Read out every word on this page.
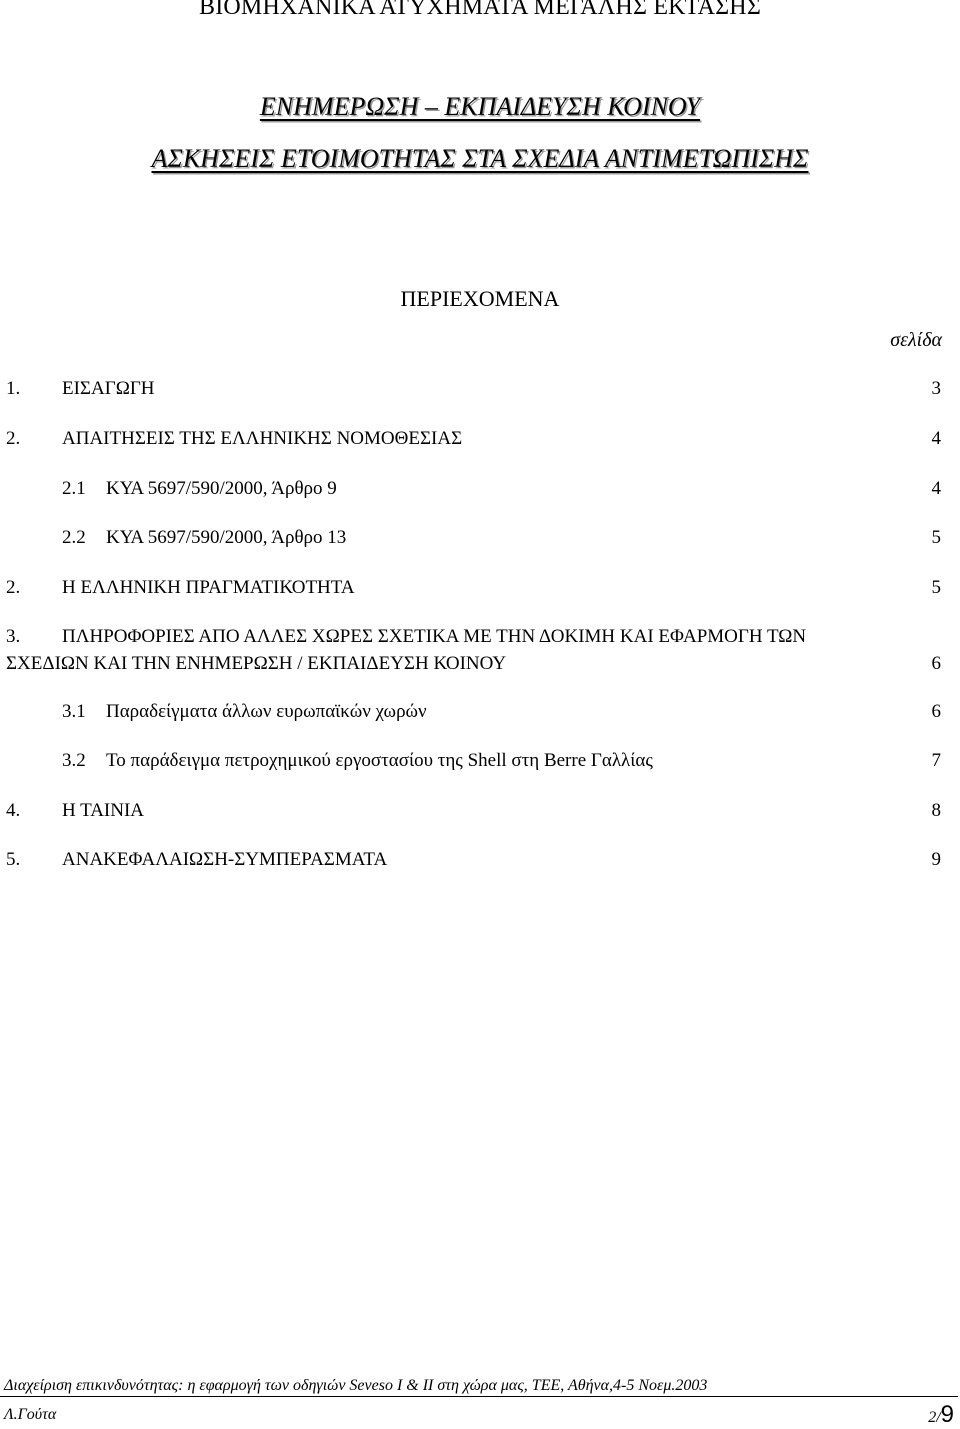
ΒΙΟΜΗΧΑΝΙΚΑ ΑΤΥΧΗΜΑΤΑ ΜΕΓΑΛΗΣ ΕΚΤΑΣΗΣ
ΕΝΗΜΕΡΩΣΗ – ΕΚΠΑΙΔΕΥΣΗ ΚΟΙΝΟΥ
ΑΣΚΗΣΕΙΣ ΕΤΟΙΜΟΤΗΤΑΣ ΣΤΑ ΣΧΕΔΙΑ ΑΝΤΙΜΕΤΩΠΙΣΗΣ
ΠΕΡΙΕΧΟΜΕΝΑ
σελίδα
1. ΕΙΣΑΓΩΓΗ	3
2. ΑΠΑΙΤΗΣΕΙΣ ΤΗΣ ΕΛΛΗΝΙΚΗΣ ΝΟΜΟΘΕΣΙΑΣ	4
2.1 ΚΥΑ 5697/590/2000, Άρθρο 9	4
2.2 ΚΥΑ 5697/590/2000, Άρθρο 13	5
2. Η ΕΛΛΗΝΙΚΗ ΠΡΑΓΜΑΤΙΚΟΤΗΤΑ	5
3. ΠΛΗΡΟΦΟΡΙΕΣ ΑΠΟ ΑΛΛΕΣ ΧΩΡΕΣ ΣΧΕΤΙΚΑ ΜΕ ΤΗΝ ΔΟΚΙΜΗ ΚΑΙ ΕΦΑΡΜΟΓΗ ΤΩΝ
ΣΧΕΔΙΩΝ ΚΑΙ ΤΗΝ ΕΝΗΜΕΡΩΣΗ / ΕΚΠΑΙΔΕΥΣΗ ΚΟΙΝΟΥ	6
3.1 Παραδείγματα άλλων ευρωπαϊκών χωρών	6
3.2 Το παράδειγμα πετροχημικού εργοστασίου της Shell στη Berre Γαλλίας	7
4. Η ΤΑΙΝΙΑ	8
5. ΑΝΑΚΕΦΑΛΑΙΩΣΗ-ΣΥΜΠΕΡΑΣΜΑΤΑ	9
Διαχείριση επικινδυνότητας: η εφαρμογή των οδηγιών Seveso I & II στη χώρα μας, ΤΕΕ, Αθήνα,4-5 Νοεμ.2003
Λ.Γούτα	2/9
